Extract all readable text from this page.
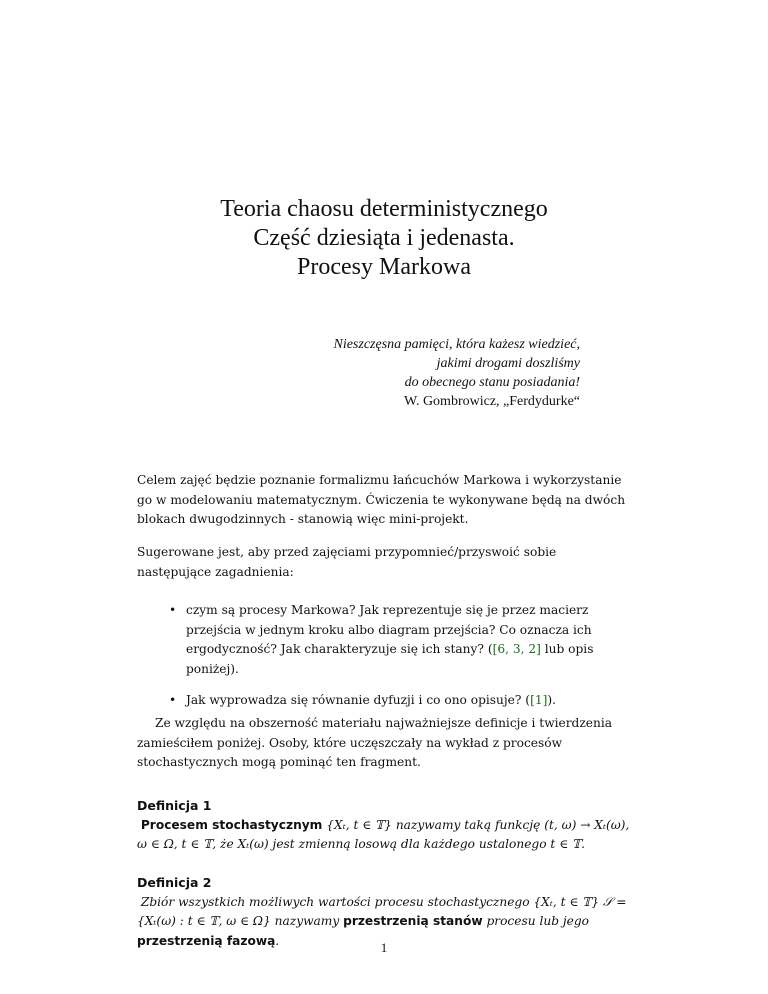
Teoria chaosu deterministycznego
Część dziesiąta i jedenasta.
Procesy Markowa
Nieszczęsna pamięci, która każesz wiedzieć,
jakimi drogami doszliśmy
do obecnego stanu posiadania!
W. Gombrowicz, „Ferdydurke“
Celem zajęć będzie poznanie formalizmu łańcuchów Markowa i wykorzystanie go w modelowaniu matematycznym. Ćwiczenia te wykonywane będą na dwóch blokach dwugodzinnych - stanowią więc mini-projekt.
Sugerowane jest, aby przed zajęciami przypomnieć/przyswoić sobie następujące zagadnienia:
• czym są procesy Markowa? Jak reprezentuje się je przez macierz przejścia w jednym kroku albo diagram przejścia? Co oznacza ich ergodyczność? Jak charakteryzuje się ich stany? ([6, 3, 2] lub opis poniżej).
• Jak wyprowadza się równanie dyfuzji i co ono opisuje? ([1]).
Ze względu na obszerność materiału najważniejsze definicje i twierdzenia zamieściłem poniżej. Osoby, które uczęszczały na wykład z procesów stochastycznych mogą pominąć ten fragment.
Definicja 1
Procesem stochastycznym {Xₜ, t ∈ 𝕋} nazywamy taką funkcję (t, ω) → Xₜ(ω),
ω ∈ Ω, t ∈ 𝕋, że Xₜ(ω) jest zmienną losową dla każdego ustalonego t ∈ 𝕋.
Definicja 2
Zbiór wszystkich możliwych wartości procesu stochastycznego {Xₜ, t ∈ 𝕋} 𝒮 = {Xₜ(ω) : t ∈ 𝕋, ω ∈ Ω} nazywamy przestrzenią stanów procesu lub jego przestrzenią fazową.	1
